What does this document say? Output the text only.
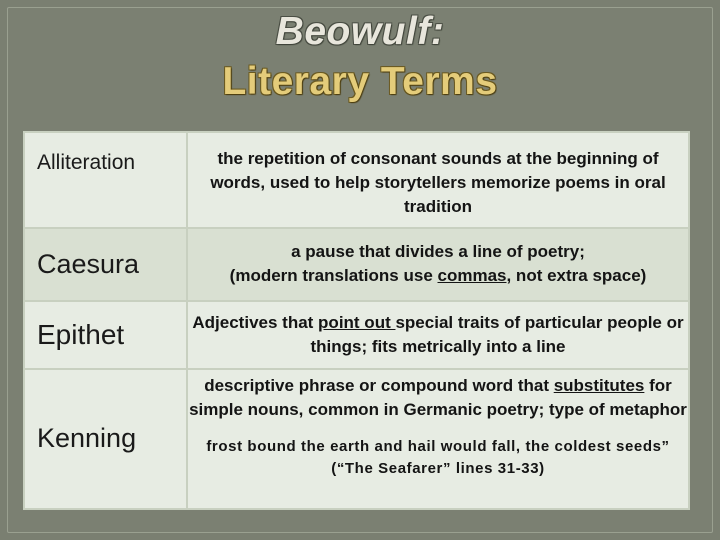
Beowulf:
Literary Terms
Alliteration	the repetition of consonant sounds at the beginning of words, used to help storytellers memorize poems in oral tradition
Caesura	a pause that divides a line of poetry;
(modern translations use commas, not extra space)
Epithet	Adjectives that point out special traits of particular people or things; fits metrically into a line

Kenning	descriptive phrase or compound word that substitutes for simple nouns, common in Germanic poetry; type of metaphor
frost bound the earth and hail would fall, the coldest seeds”
(“The Seafarer” lines 31-33)
